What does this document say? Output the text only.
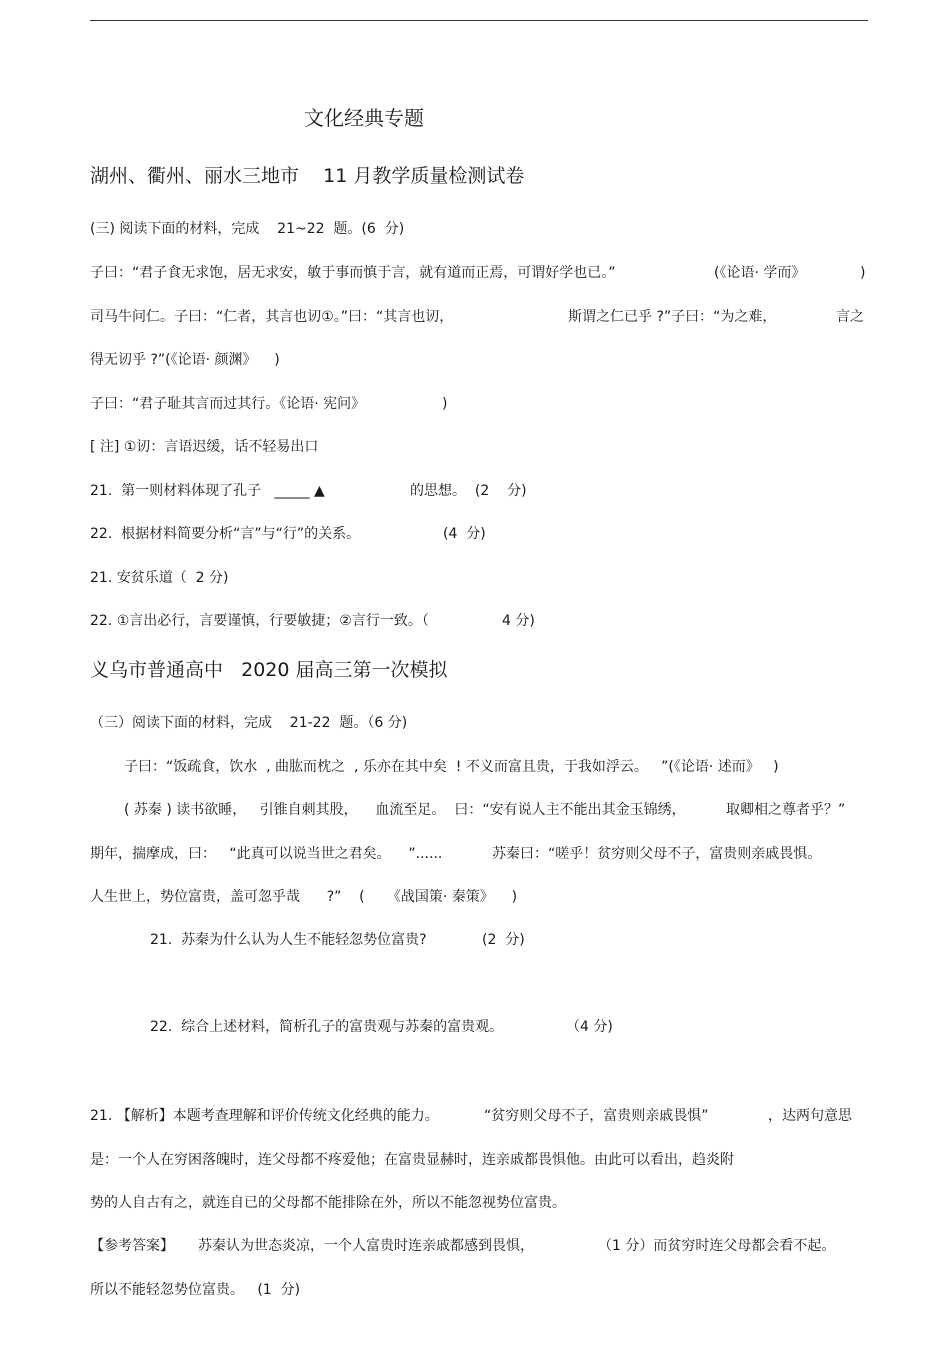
文化经典专题
湖州、衢州、丽水三地市    11 月教学质量检测试卷
(三) 阅读下面的材料，完成    21~22  题。(6  分)
子曰：“君子食无求饱，居无求安，敏于事而慎于言，就有道而正焉，可谓好学也已。”	(《论语· 学而》	)
司马牛问仁。子曰：“仁者，其言也讱①。”曰：“其言也讱，	斯谓之仁已乎 ?”子曰：“为之难，	言之
得无讱乎 ?”(《论语· 颜渊》    )
子曰：“君子耻其言而过其行。《论语· 宪问》	)
[ 注] ①讱：言语迟缓，话不轻易出口
21.  第一则材料体现了孔子   _____ ▲	的思想。  (2    分)
22.  根据材料简要分析“言”与“行”的关系。	(4  分)
21. 安贫乐道（  2 分)
22. ①言出必行，言要谨慎，行要敏捷；②言行一致。（	4 分)
义乌市普通高中   2020 届高三第一次模拟
（三）阅读下面的材料，完成    21-22  题。（6 分)
子曰：“饭疏食，饮水  , 曲肱而枕之  , 乐亦在其中矣  ! 不义而富且贵，于我如浮云。   ”(《论语· 述而》   )
( 苏秦 ) 读书欲睡，   引锥自刺其股，    血流至足。  曰：“安有说人主不能出其金玉锦绣，	取卿相之尊者乎？”
期年，揣摩成，曰：   “此真可以说当世之君矣。    ”......	苏秦曰：“嗟乎！贫穷则父母不子，富贵则亲戚畏惧。
人生世上，势位富贵，盖可忽乎哉      ?”    (     《战国策· 秦策》    )
21.  苏秦为什么认为人生不能轻忽势位富贵?	(2  分)
22.  综合上述材料，简析孔子的富贵观与苏秦的富贵观。	（4 分)
21. 【解析】本题考查理解和评价传统文化经典的能力。	“贫穷则父母不子，富贵则亲戚畏惧”	，达两句意思
是：一个人在穷困落魄时，连父母都不疼爱他；在富贵显赫时，连亲戚都畏惧他。由此可以看出，趋炎附
势的人自古有之，就连自已的父母都不能排除在外，所以不能忽视势位富贵。
【参考答案】 苏秦认为世态炎凉，一个人富贵时连亲戚都感到畏惧，	（1 分）而贫穷时连父母都会看不起。
所以不能轻忽势位富贵。   (1  分)
